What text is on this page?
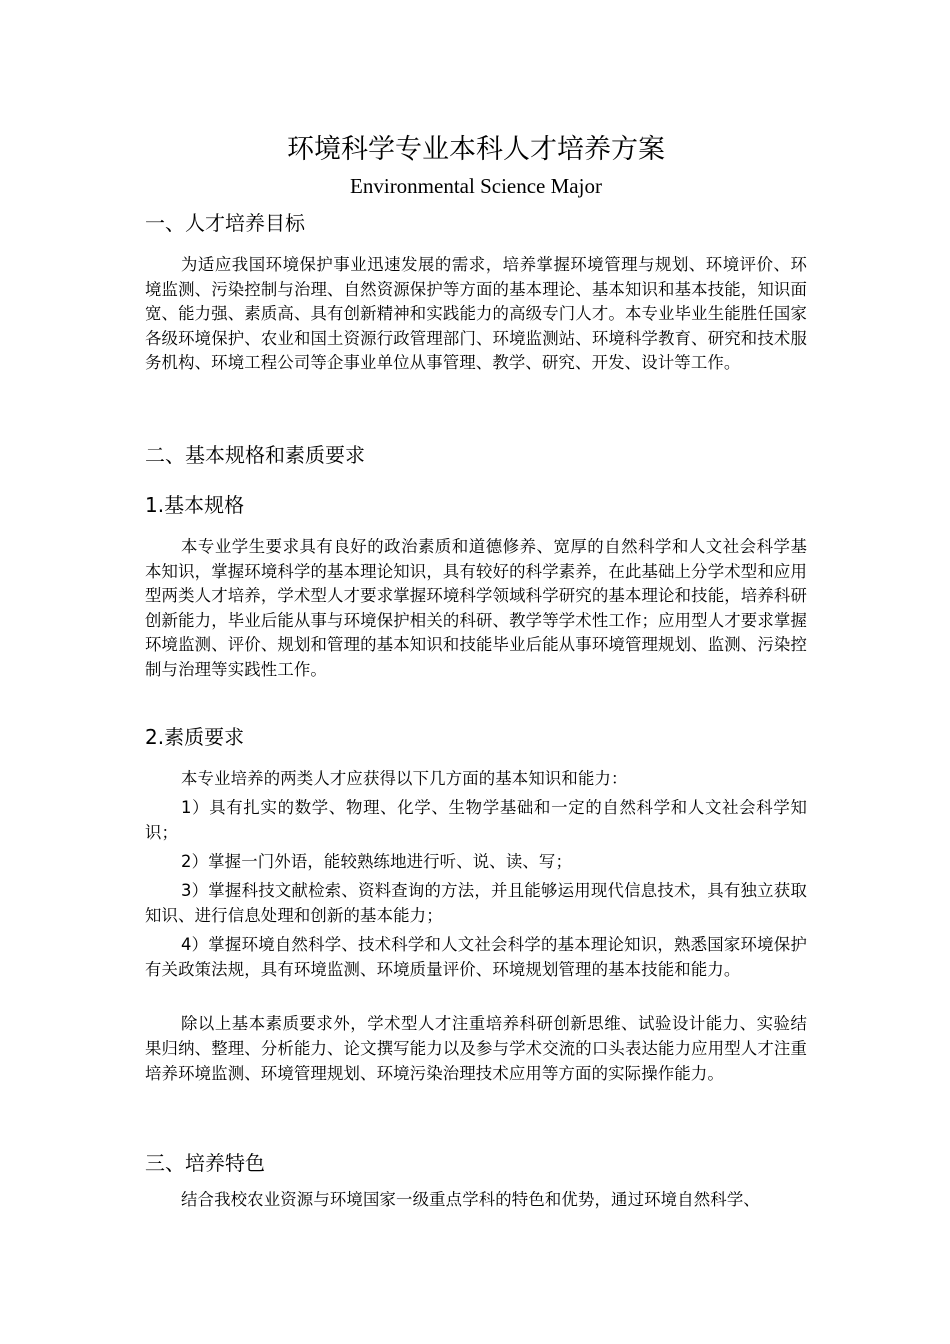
环境科学专业本科人才培养方案
Environmental Science Major
一、人才培养目标
为适应我国环境保护事业迅速发展的需求，培养掌握环境管理与规划、环境评价、环境监测、污染控制与治理、自然资源保护等方面的基本理论、基本知识和基本技能，知识面宽、能力强、素质高、具有创新精神和实践能力的高级专门人才。本专业毕业生能胜任国家各级环境保护、农业和国土资源行政管理部门、环境监测站、环境科学教育、研究和技术服务机构、环境工程公司等企事业单位从事管理、教学、研究、开发、设计等工作。
二、基本规格和素质要求
1.基本规格
本专业学生要求具有良好的政治素质和道德修养、宽厚的自然科学和人文社会科学基本知识，掌握环境科学的基本理论知识，具有较好的科学素养，在此基础上分学术型和应用型两类人才培养，学术型人才要求掌握环境科学领域科学研究的基本理论和技能，培养科研创新能力，毕业后能从事与环境保护相关的科研、教学等学术性工作；应用型人才要求掌握环境监测、评价、规划和管理的基本知识和技能毕业后能从事环境管理规划、监测、污染控制与治理等实践性工作。
2.素质要求
本专业培养的两类人才应获得以下几方面的基本知识和能力：
1）具有扎实的数学、物理、化学、生物学基础和一定的自然科学和人文社会科学知识；
2）掌握一门外语，能较熟练地进行听、说、读、写；
3）掌握科技文献检索、资料查询的方法，并且能够运用现代信息技术，具有独立获取知识、进行信息处理和创新的基本能力；
4）掌握环境自然科学、技术科学和人文社会科学的基本理论知识，熟悉国家环境保护有关政策法规，具有环境监测、环境质量评价、环境规划管理的基本技能和能力。
除以上基本素质要求外，学术型人才注重培养科研创新思维、试验设计能力、实验结果归纳、整理、分析能力、论文撰写能力以及参与学术交流的口头表达能力应用型人才注重培养环境监测、环境管理规划、环境污染治理技术应用等方面的实际操作能力。
三、培养特色
结合我校农业资源与环境国家一级重点学科的特色和优势，通过环境自然科学、
